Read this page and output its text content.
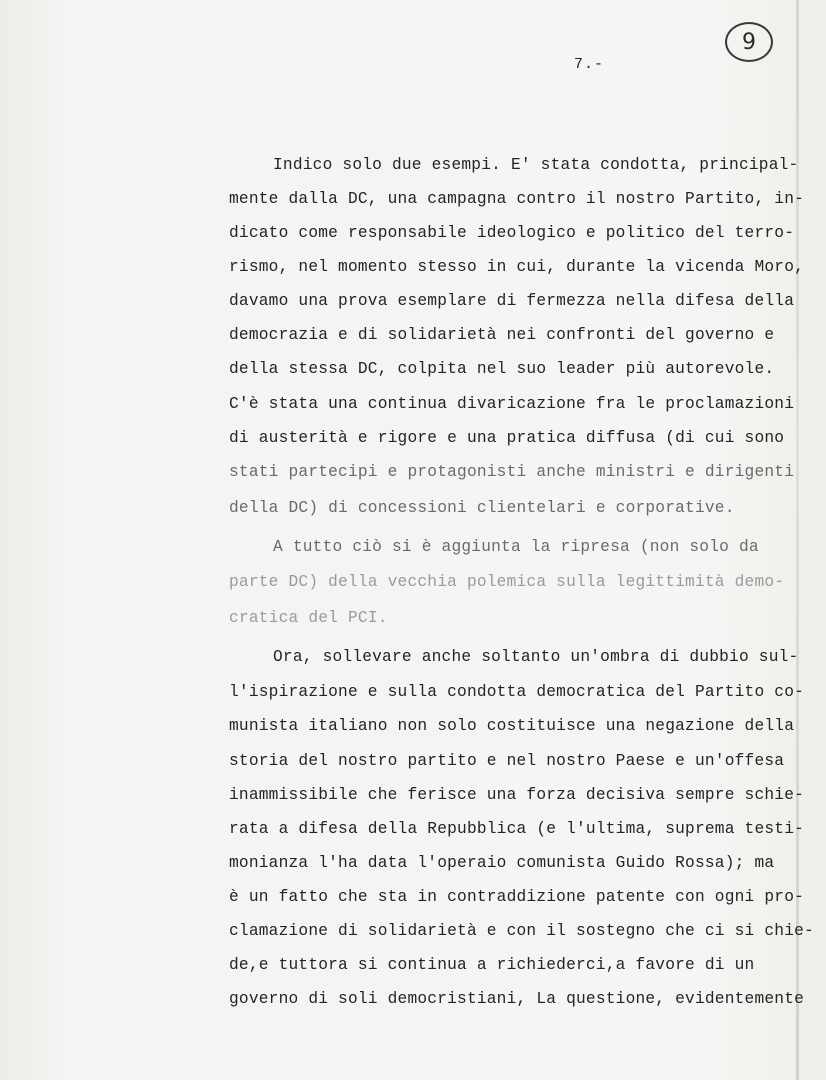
9
7.-
Indico solo due esempi. E' stata condotta, principal-
mente dalla DC, una campagna contro il nostro Partito, in-
dicato come responsabile ideologico e politico del terro-
rismo, nel momento stesso in cui, durante la vicenda Moro,
davamo una prova esemplare di fermezza nella difesa della
democrazia e di solidarietà nei confronti del governo e
della stessa DC, colpita nel suo leader più autorevole.
C'è stata una continua divaricazione fra le proclamazioni
di austerità e rigore e una pratica diffusa (di cui sono
stati partecipi e protagonisti anche ministri e dirigenti
della DC) di concessioni clientelari e corporative.
A tutto ciò si è aggiunta la ripresa (non solo da
parte DC) della vecchia polemica sulla legittimità demo-
cratica del PCI.
Ora, sollevare anche soltanto un'ombra di dubbio sul-
l'ispirazione e sulla condotta democratica del Partito co-
munista italiano non solo costituisce una negazione della
storia del nostro partito e nel nostro Paese e un'offesa
inammissibile che ferisce una forza decisiva sempre schie-
rata a difesa della Repubblica (e l'ultima, suprema testi-
monianza l'ha data l'operaio comunista Guido Rossa); ma
è un fatto che sta in contraddizione patente con ogni pro-
clamazione di solidarietà e con il sostegno che ci si chie-
de,e tuttora si continua a richiederci,a favore di un
governo di soli democristiani, La questione, evidentemente
